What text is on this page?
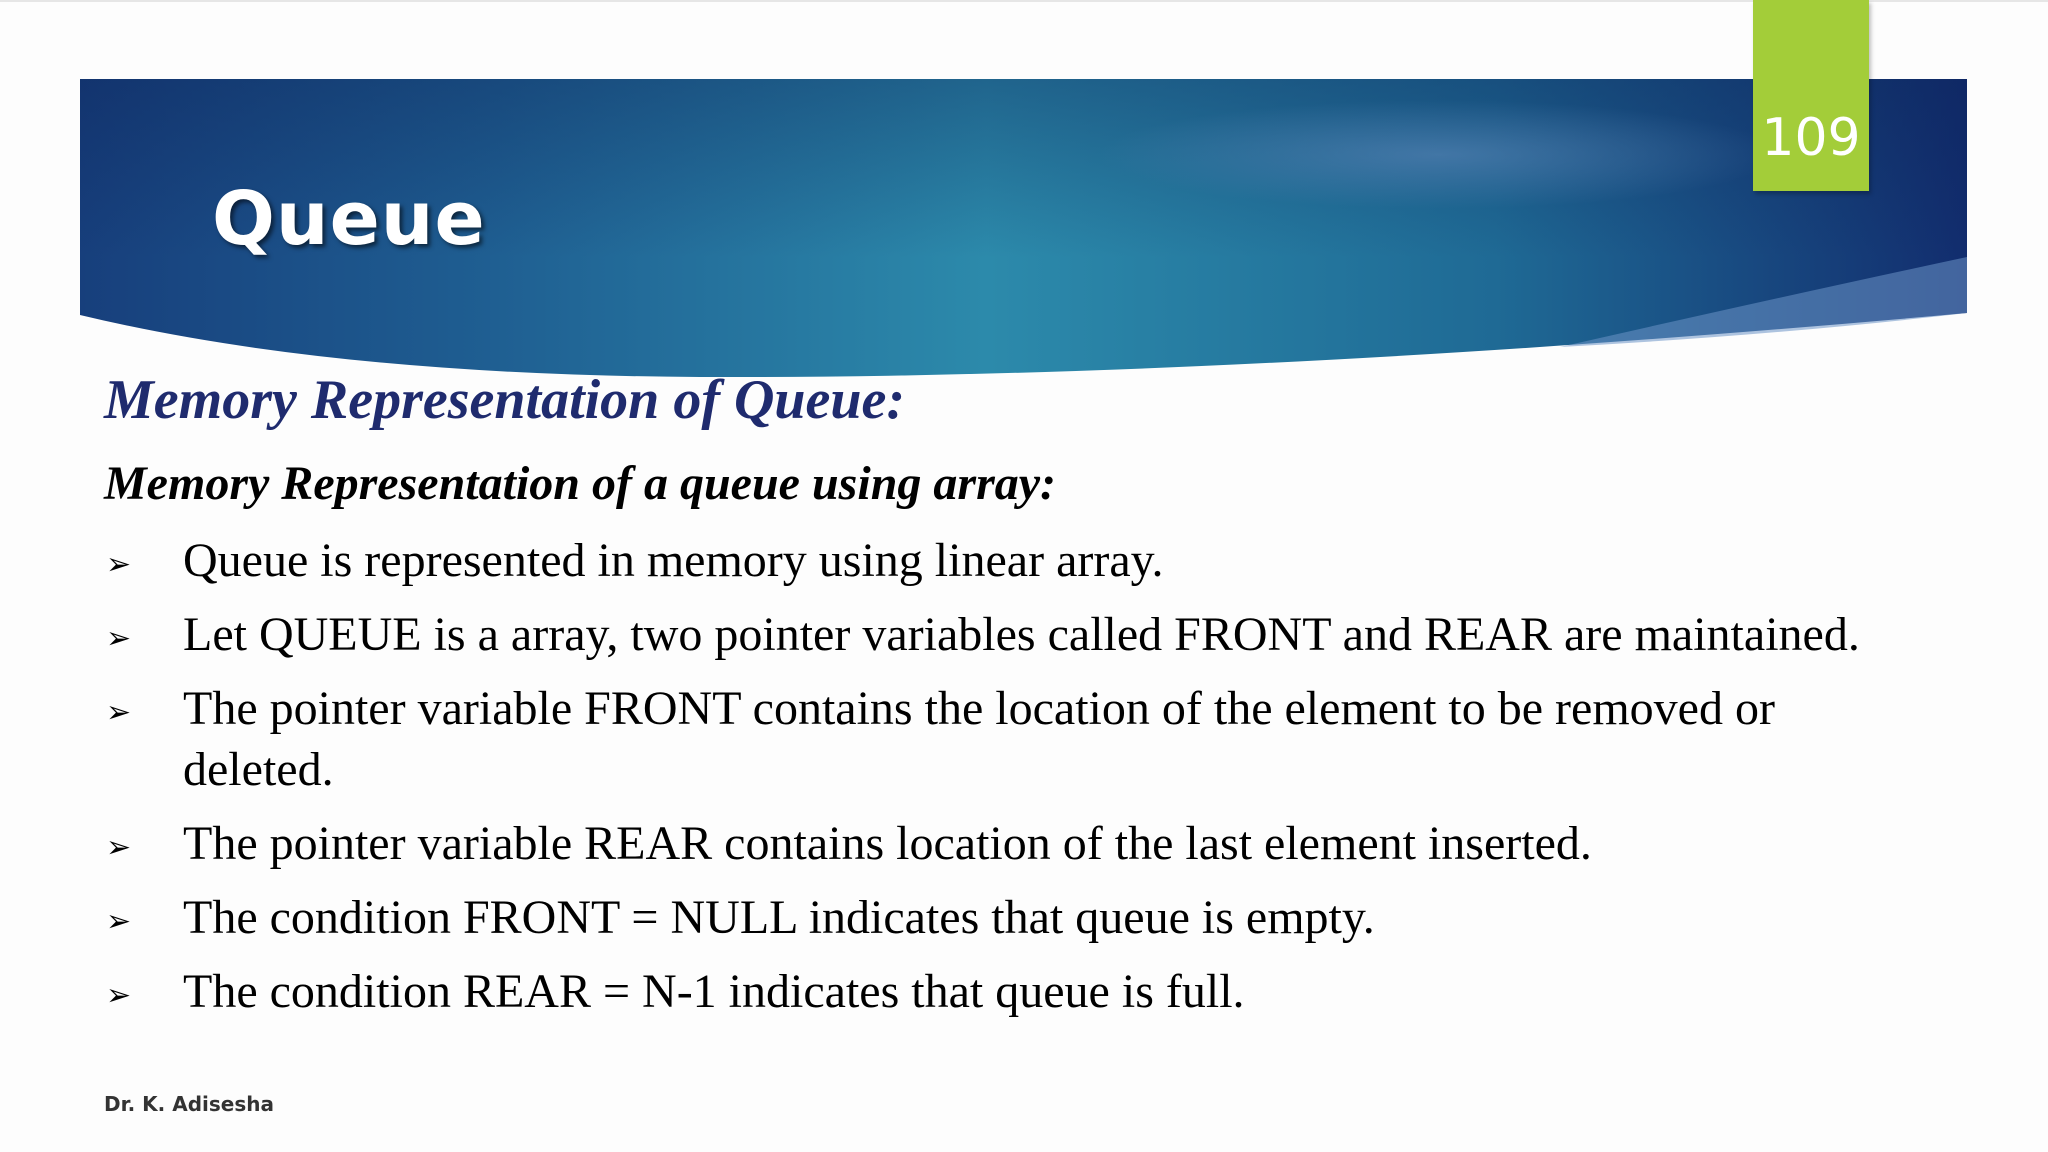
Queue
109
Memory Representation of Queue:
Memory Representation of a queue using array:
➢ Queue is represented in memory using linear array.
➢ Let QUEUE is a array, two pointer variables called FRONT and REAR are maintained.
➢ The pointer variable FRONT contains the location of the element to be removed or deleted.
➢ The pointer variable REAR contains location of the last element inserted.
➢ The condition FRONT = NULL indicates that queue is empty.
➢ The condition REAR = N-1 indicates that queue is full.

Dr. K. Adisesha
